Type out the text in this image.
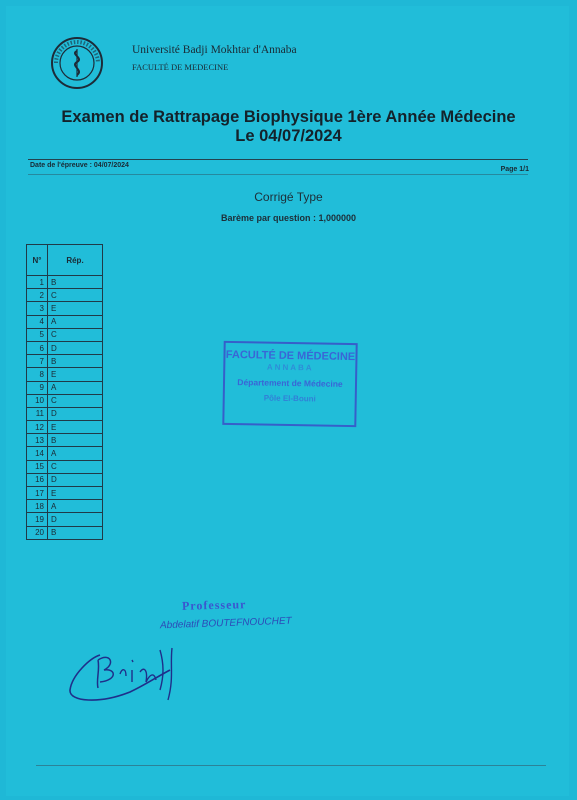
Université Badji Mokhtar d'Annaba
FACULTÉ DE MEDECINE
Examen de Rattrapage Biophysique 1ère Année Médecine
Le 04/07/2024
Date de l'épreuve : 04/07/2024
Page 1/1
Corrigé Type
Barème par question : 1,000000
N°	Rép.
1	B
2	C
3	E
4	A
5	C
6	D
7	B
8	E
9	A
10	C
11	D
12	E
13	B
14	A
15	C
16	D
17	E
18	A
19	D
20	B
FACULTÉ DE MÉDECINE
ANNABA
Département de Médecine
Pôle El-Bouni
Professeur
Abdelatif BOUTEFNOUCHET
